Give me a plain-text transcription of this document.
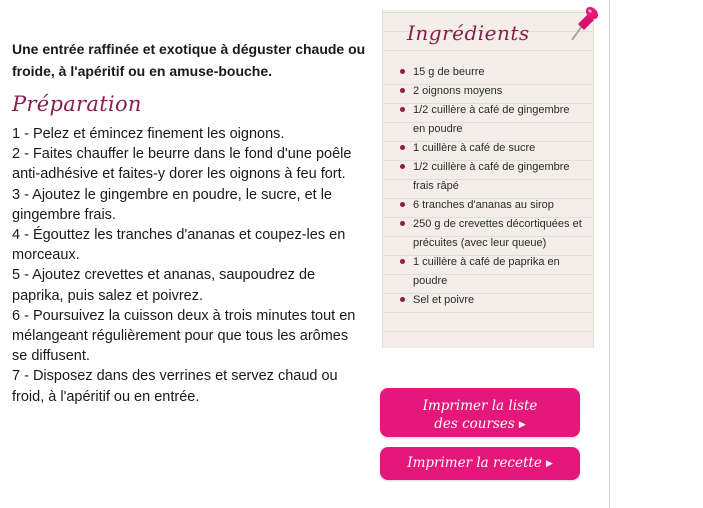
Une entrée raffinée et exotique à déguster chaude ou froide, à l'apéritif ou en amuse-bouche.

Préparation

1 - Pelez et émincez finement les oignons.

2 - Faites chauffer le beurre dans le fond d'une poêle anti-adhésive et faites-y dorer les oignons à feu fort.

3 - Ajoutez le gingembre en poudre, le sucre, et le gingembre frais.

4 - Égouttez les tranches d'ananas et coupez-les en morceaux.

5 - Ajoutez crevettes et ananas, saupoudrez de paprika, puis salez et poivrez.

6 - Poursuivez la cuisson deux à trois minutes tout en mélangeant régulièrement pour que tous les arômes se diffusent.

7 - Disposez dans des verrines et servez chaud ou froid, à l'apéritif ou en entrée.

Ingrédients
15 g de beurre
2 oignons moyens
1/2 cuillère à café de gingembre en poudre
1 cuillère à café de sucre
1/2 cuillère à café de gingembre frais râpé
6 tranches d'ananas au sirop
250 g de crevettes décortiquées et précuites (avec leur queue)
1 cuillère à café de paprika en poudre
Sel et poivre
Imprimer la liste
des courses ▶
Imprimer la recette ▶
